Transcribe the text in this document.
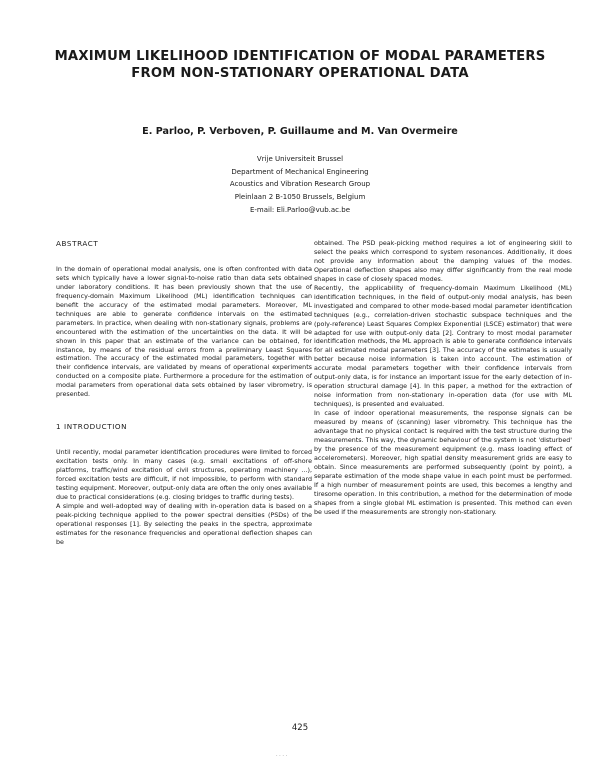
MAXIMUM LIKELIHOOD IDENTIFICATION OF MODAL PARAMETERS
FROM NON-STATIONARY OPERATIONAL DATA
E. Parloo, P. Verboven, P. Guillaume and M. Van Overmeire
Vrije Universiteit Brussel
Department of Mechanical Engineering
Acoustics and Vibration Research Group
Pleinlaan 2 B-1050 Brussels, Belgium
E-mail: Eli.Parloo@vub.ac.be
ABSTRACT

In the domain of operational modal analysis, one is often confronted with data sets which typically have a lower signal-to-noise ratio than data sets obtained under laboratory conditions. It has been previously shown that the use of frequency-domain Maximum Likelihood (ML) identification techniques can benefit the accuracy of the estimated modal parameters. Moreover, ML techniques are able to generate confidence intervals on the estimated parameters. In practice, when dealing with non-stationary signals, problems are encountered with the estimation of the uncertainties on the data. It will be shown in this paper that an estimate of the variance can be obtained, for instance, by means of the residual errors from a preliminary Least Squares estimation. The accuracy of the estimated modal parameters, together with their confidence intervals, are validated by means of operational experiments conducted on a composite plate. Furthermore a procedure for the estimation of modal parameters from operational data sets obtained by laser vibrometry, is presented.

1 INTRODUCTION

Until recently, modal parameter identification procedures were limited to forced excitation tests only. In many cases (e.g. small excitations of off-shore platforms, traffic/wind excitation of civil structures, operating machinery ...), forced excitation tests are difficult, if not impossible, to perform with standard testing equipment. Moreover, output-only data are often the only ones available due to practical considerations (e.g. closing bridges to traffic during tests).

A simple and well-adopted way of dealing with in-operation data is based on a peak-picking technique applied to the power spectral densities (PSDs) of the operational responses [1]. By selecting the peaks in the spectra, approximate estimates for the resonance frequencies and operational deflection shapes can be

obtained. The PSD peak-picking method requires a lot of engineering skill to select the peaks which correspond to system resonances. Additionally, it does not provide any information about the damping values of the modes. Operational deflection shapes also may differ significantly from the real mode shapes in case of closely spaced modes.

Recently, the applicability of frequency-domain Maximum Likelihood (ML) identification techniques, in the field of output-only modal analysis, has been investigated and compared to other mode-based modal parameter identification techniques (e.g., correlation-driven stochastic subspace techniques and the (poly-reference) Least Squares Complex Exponential (LSCE) estimator) that were adapted for use with output-only data [2]. Contrary to most modal parameter identification methods, the ML approach is able to generate confidence intervals for all estimated modal parameters [3]. The accuracy of the estimates is usually better because noise information is taken into account. The estimation of accurate modal parameters together with their confidence intervals from output-only data, is for instance an important issue for the early detection of in-operation structural damage [4]. In this paper, a method for the extraction of noise information from non-stationary in-operation data (for use with ML techniques), is presented and evaluated.

In case of indoor operational measurements, the response signals can be measured by means of (scanning) laser vibrometry. This technique has the advantage that no physical contact is required with the test structure during the measurements. This way, the dynamic behaviour of the system is not 'disturbed' by the presence of the measurement equipment (e.g. mass loading effect of accelerometers). Moreover, high spatial density measurement grids are easy to obtain. Since measurements are performed subsequently (point by point), a separate estimation of the mode shape value in each point must be performed. If a high number of measurement points are used, this becomes a lengthy and tiresome operation. In this contribution, a method for the determination of mode shapes from a single global ML estimation is presented. This method can even be used if the measurements are strongly non-stationary.

425
· · · ·
